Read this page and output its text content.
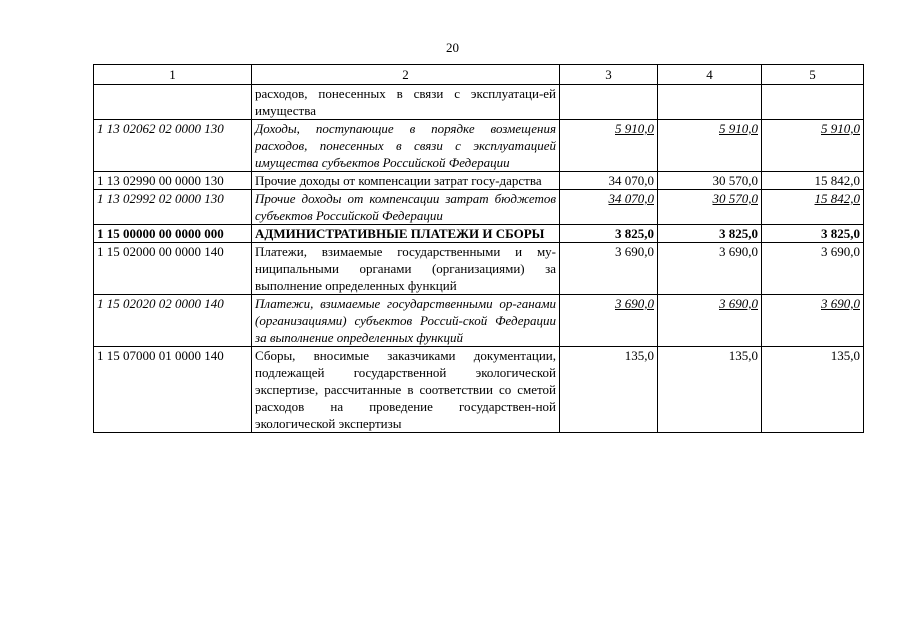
20
1	2	3	4	5
	расходов, понесенных в связи с эксплуатаци-ей имущества			
1 13 02062 02 0000 130	Доходы, поступающие в порядке возмещения расходов, понесенных в связи с эксплуатацией имущества субъектов Российской Федерации	5 910,0	5 910,0	5 910,0
1 13 02990 00 0000 130	Прочие доходы от компенсации затрат госу-дарства	34 070,0	30 570,0	15 842,0
1 13 02992 02 0000 130	Прочие доходы от компенсации затрат бюджетов субъектов Российской Федерации	34 070,0	30 570,0	15 842,0
1 15 00000 00 0000 000	АДМИНИСТРАТИВНЫЕ ПЛАТЕЖИ И СБОРЫ	3 825,0	3 825,0	3 825,0
1 15 02000 00 0000 140	Платежи, взимаемые государственными и му-ниципальными органами (организациями) за выполнение определенных функций	3 690,0	3 690,0	3 690,0
1 15 02020 02 0000 140	Платежи, взимаемые государственными ор-ганами (организациями) субъектов Россий-ской Федерации за выполнение определенных функций	3 690,0	3 690,0	3 690,0
1 15 07000 01 0000 140	Сборы, вносимые заказчиками документации, подлежащей государственной экологической экспертизе, рассчитанные в соответствии со сметой расходов на проведение государствен-ной экологической экспертизы	135,0	135,0	135,0
